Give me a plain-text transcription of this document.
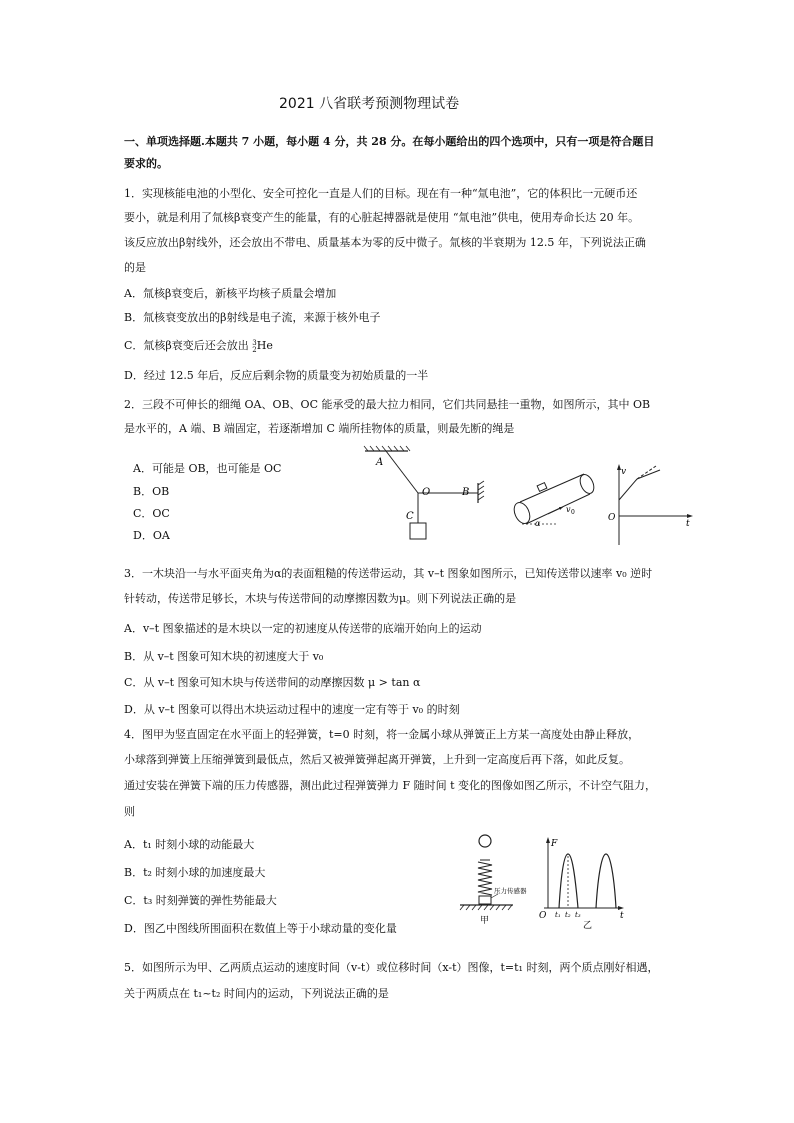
2021 八省联考预测物理试卷
一、单项选择题.本题共 7 小题，每小题 4 分，共 28 分。在每小题给出的四个选项中，只有一项是符合题目
要求的。
1．实现核能电池的小型化、安全可控化一直是人们的目标。现在有一种“氚电池”，它的体积比一元硬币还
要小，就是利用了氚核β衰变产生的能量，有的心脏起搏器就是使用 “氚电池”供电，使用寿命长达 20 年。
该反应放出β射线外，还会放出不带电、质量基本为零的反中微子。氚核的半衰期为 12.5 年，下列说法正确
的是
A．氚核β衰变后，新核平均核子质量会增加
B．氚核衰变放出的β射线是电子流，来源于核外电子
C．氚核β衰变后还会放出 3
2He
D．经过 12.5 年后，反应后剩余物的质量变为初始质量的一半
2．三段不可伸长的细绳 OA、OB、OC 能承受的最大拉力相同，它们共同悬挂一重物，如图所示，其中 OB
是水平的，A 端、B 端固定，若逐渐增加 C 端所挂物体的质量，则最先断的绳是
A．可能是 OB，也可能是 OC
B．OB
C．OC
D．OA
A
O	B
C
v 0
α
v
O
t
3．一木块沿一与水平面夹角为α的表面粗糙的传送带运动，其 v–t 图象如图所示，已知传送带以速率 v₀ 逆时
针转动，传送带足够长，木块与传送带间的动摩擦因数为μ。则下列说法正确的是
A．v–t 图象描述的是木块以一定的初速度从传送带的底端开始向上的运动
B．从 v–t 图象可知木块的初速度大于 v₀
C．从 v–t 图象可知木块与传送带间的动摩擦因数 μ > tan α
D．从 v–t 图象可以得出木块运动过程中的速度一定有等于 v₀ 的时刻
4．图甲为竖直固定在水平面上的轻弹簧，t=0 时刻，将一金属小球从弹簧正上方某一高度处由静止释放，
小球落到弹簧上压缩弹簧到最低点，然后又被弹簧弹起离开弹簧，上升到一定高度后再下落，如此反复。
通过安装在弹簧下端的压力传感器，测出此过程弹簧弹力 F 随时间 t 变化的图像如图乙所示，不计空气阻力，
则
A．t₁ 时刻小球的动能最大
B．t₂ 时刻小球的加速度最大
C．t₃ 时刻弹簧的弹性势能最大
D．图乙中图线所围面积在数值上等于小球动量的变化量
压力传感器
甲
F
O	t
t₁ t₂ t₃
乙
5．如图所示为甲、乙两质点运动的速度时间（v-t）或位移时间（x-t）图像，t=t₁ 时刻，两个质点刚好相遇，
关于两质点在 t₁~t₂ 时间内的运动，下列说法正确的是
